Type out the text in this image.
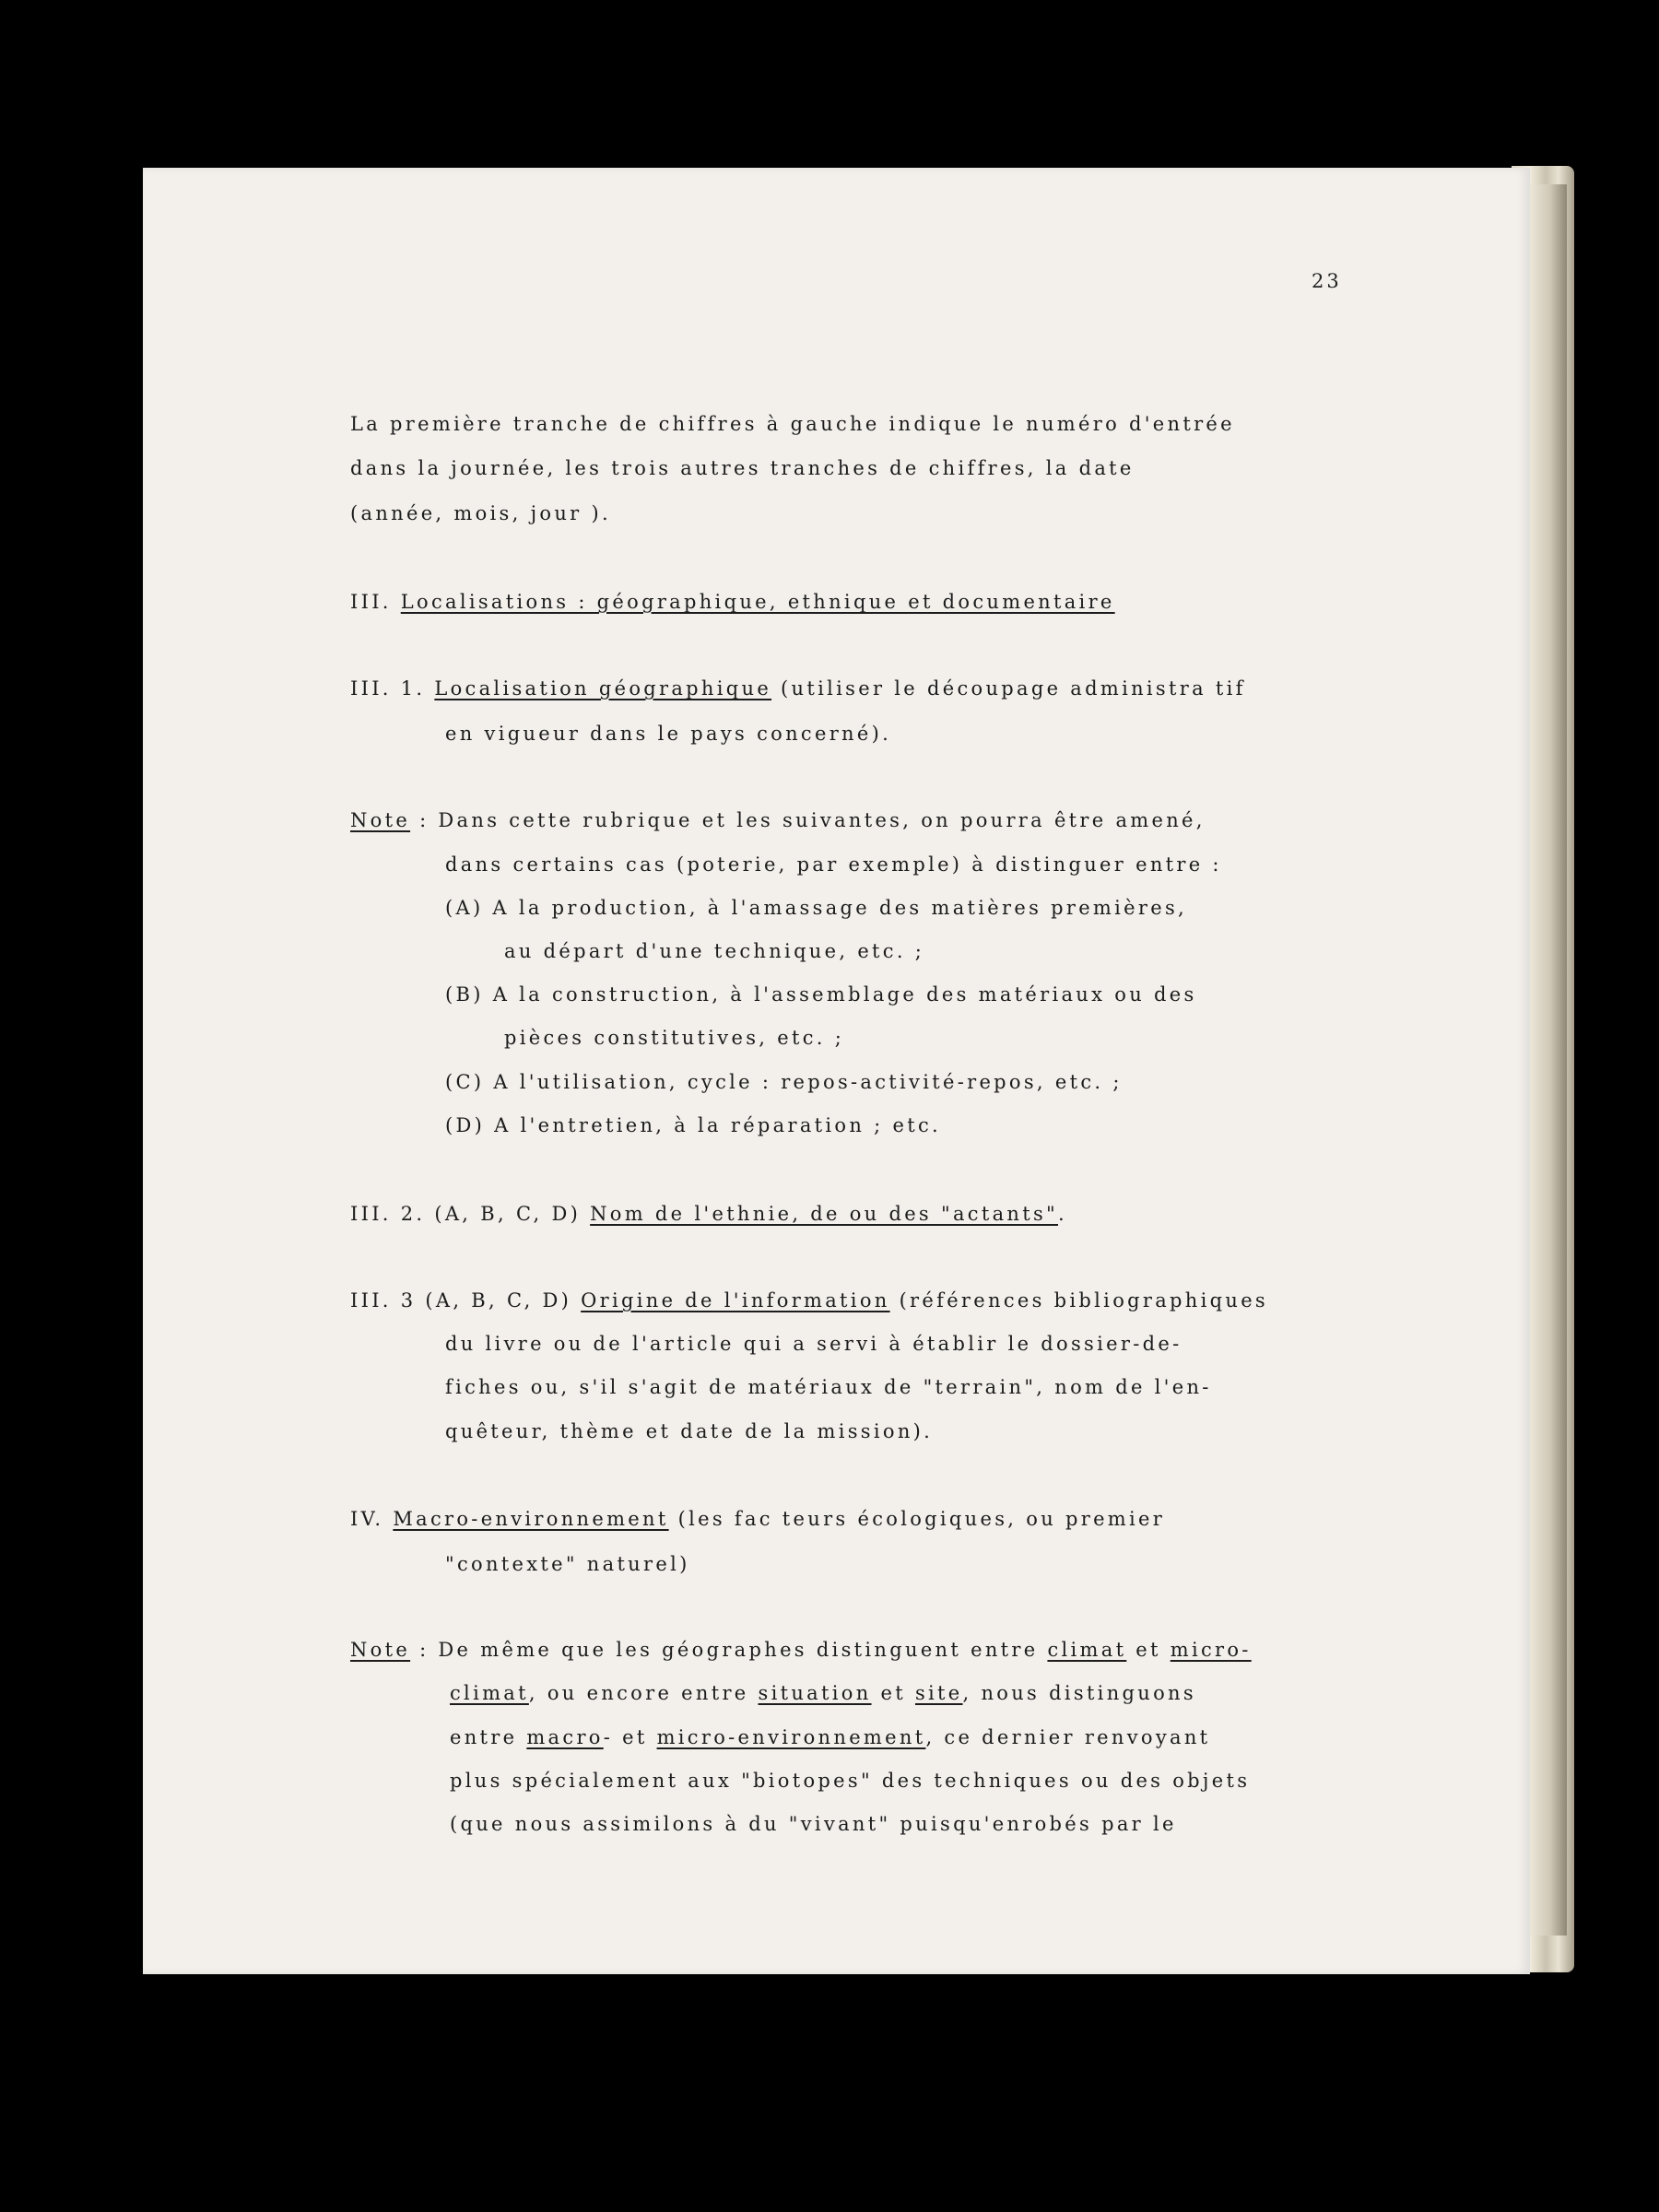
23
La première tranche de chiffres à gauche indique le numéro d'entrée
dans la journée, les trois autres tranches de chiffres, la date
(année, mois, jour ).
III. Localisations : géographique, ethnique et documentaire
III. 1. Localisation géographique (utiliser le découpage administra tif
en vigueur dans le pays concerné).
Note : Dans cette rubrique et les suivantes, on pourra être amené,
dans certains cas (poterie, par exemple) à distinguer entre :
(A) A la production, à l'amassage des matières premières,
au départ d'une technique, etc. ;
(B) A la construction, à l'assemblage des matériaux ou des
pièces constitutives, etc. ;
(C) A l'utilisation, cycle : repos-activité-repos, etc. ;
(D) A l'entretien, à la réparation ; etc.
III. 2. (A, B, C, D) Nom de l'ethnie, de ou des "actants".
III. 3 (A, B, C, D) Origine de l'information (références bibliographiques
du livre ou de l'article qui a servi à établir le dossier-de-
fiches ou, s'il s'agit de matériaux de "terrain", nom de l'en-
quêteur, thème et date de la mission).
IV. Macro-environnement (les fac teurs écologiques, ou premier
"contexte" naturel)
Note : De même que les géographes distinguent entre climat et micro-
climat, ou encore entre situation et site, nous distinguons
entre macro- et micro-environnement, ce dernier renvoyant
plus spécialement aux "biotopes" des techniques ou des objets
(que nous assimilons à du "vivant" puisqu'enrobés par le
